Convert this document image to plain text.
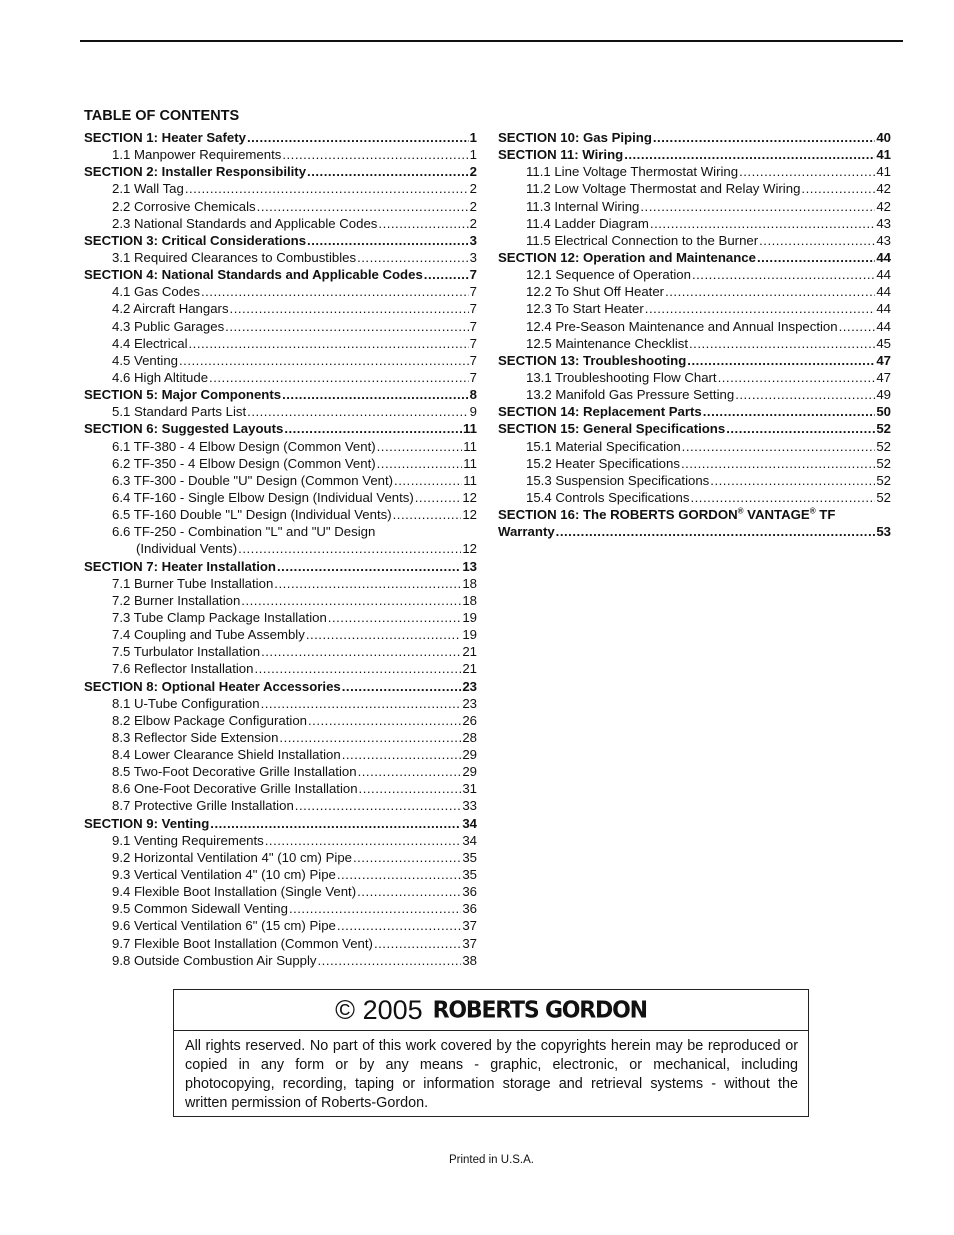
TABLE OF CONTENTS
SECTION 1: Heater Safety .....	1
1.1 Manpower Requirements .....	1
SECTION 2: Installer Responsibility .....	2
2.1 Wall Tag .....	2
2.2 Corrosive Chemicals .....	2
2.3 National Standards and Applicable Codes .....	2
SECTION 3: Critical Considerations .....	3
3.1 Required Clearances to Combustibles .....	3
SECTION 4: National Standards and Applicable Codes .....	7
4.1 Gas Codes .....	7
4.2 Aircraft Hangars .....	7
4.3 Public Garages .....	7
4.4 Electrical .....	7
4.5 Venting .....	7
4.6 High Altitude .....	7
SECTION 5: Major Components .....	8
5.1 Standard Parts List .....	9
SECTION 6: Suggested Layouts .....	11
6.1 TF-380 - 4 Elbow Design (Common Vent) .....	11
6.2 TF-350 - 4 Elbow Design (Common Vent) .....	11
6.3 TF-300 - Double "U" Design (Common Vent) .....	11
6.4 TF-160 - Single Elbow Design (Individual Vents) .....	12
6.5 TF-160 Double "L" Design (Individual Vents) .....	12
6.6 TF-250 - Combination "L" and "U" Design
(Individual Vents) .....	12
SECTION 7: Heater Installation .....	13
7.1 Burner Tube Installation .....	18
7.2 Burner Installation .....	18
7.3 Tube Clamp Package Installation .....	19
7.4 Coupling and Tube Assembly .....	19
7.5 Turbulator Installation .....	21
7.6 Reflector Installation .....	21
SECTION 8: Optional Heater Accessories .....	23
8.1 U-Tube Configuration .....	23
8.2 Elbow Package Configuration .....	26
8.3 Reflector Side Extension .....	28
8.4 Lower Clearance Shield Installation .....	29
8.5 Two-Foot Decorative Grille Installation .....	29
8.6 One-Foot Decorative Grille Installation .....	31
8.7 Protective Grille Installation .....	33
SECTION 9: Venting .....	34
9.1 Venting Requirements .....	34
9.2 Horizontal Ventilation 4" (10 cm) Pipe .....	35
9.3 Vertical Ventilation 4" (10 cm) Pipe .....	35
9.4 Flexible Boot Installation (Single Vent) .....	36
9.5 Common Sidewall Venting .....	36
9.6 Vertical Ventilation 6" (15 cm) Pipe .....	37
9.7 Flexible Boot Installation (Common Vent) .....	37
9.8 Outside Combustion Air Supply .....	38
SECTION 10: Gas Piping .....	40
SECTION 11: Wiring .....	41
11.1 Line Voltage Thermostat Wiring .....	41
11.2 Low Voltage Thermostat and Relay Wiring .....	42
11.3 Internal Wiring .....	42
11.4 Ladder Diagram .....	43
11.5 Electrical Connection to the Burner .....	43
SECTION 12: Operation and Maintenance .....	44
12.1 Sequence of Operation .....	44
12.2 To Shut Off Heater .....	44
12.3 To Start Heater .....	44
12.4 Pre-Season Maintenance and Annual Inspection .....	44
12.5 Maintenance Checklist .....	45
SECTION 13: Troubleshooting .....	47
13.1 Troubleshooting Flow Chart .....	47
13.2 Manifold Gas Pressure Setting .....	49
SECTION 14: Replacement Parts .....	50
SECTION 15: General Specifications .....	52
15.1 Material Specification .....	52
15.2 Heater Specifications .....	52
15.3 Suspension Specifications .....	52
15.4 Controls Specifications .....	52
SECTION 16: The ROBERTS GORDON® VANTAGE® TF
Warranty .....	53
© 2005 ROBERTS GORDON
All rights reserved. No part of this work covered by the copyrights herein may be reproduced or copied in any form or by any means - graphic, electronic, or mechanical, including photocopying, recording, taping or information storage and retrieval systems - without the written permission of Roberts-Gordon.
Printed in U.S.A.
